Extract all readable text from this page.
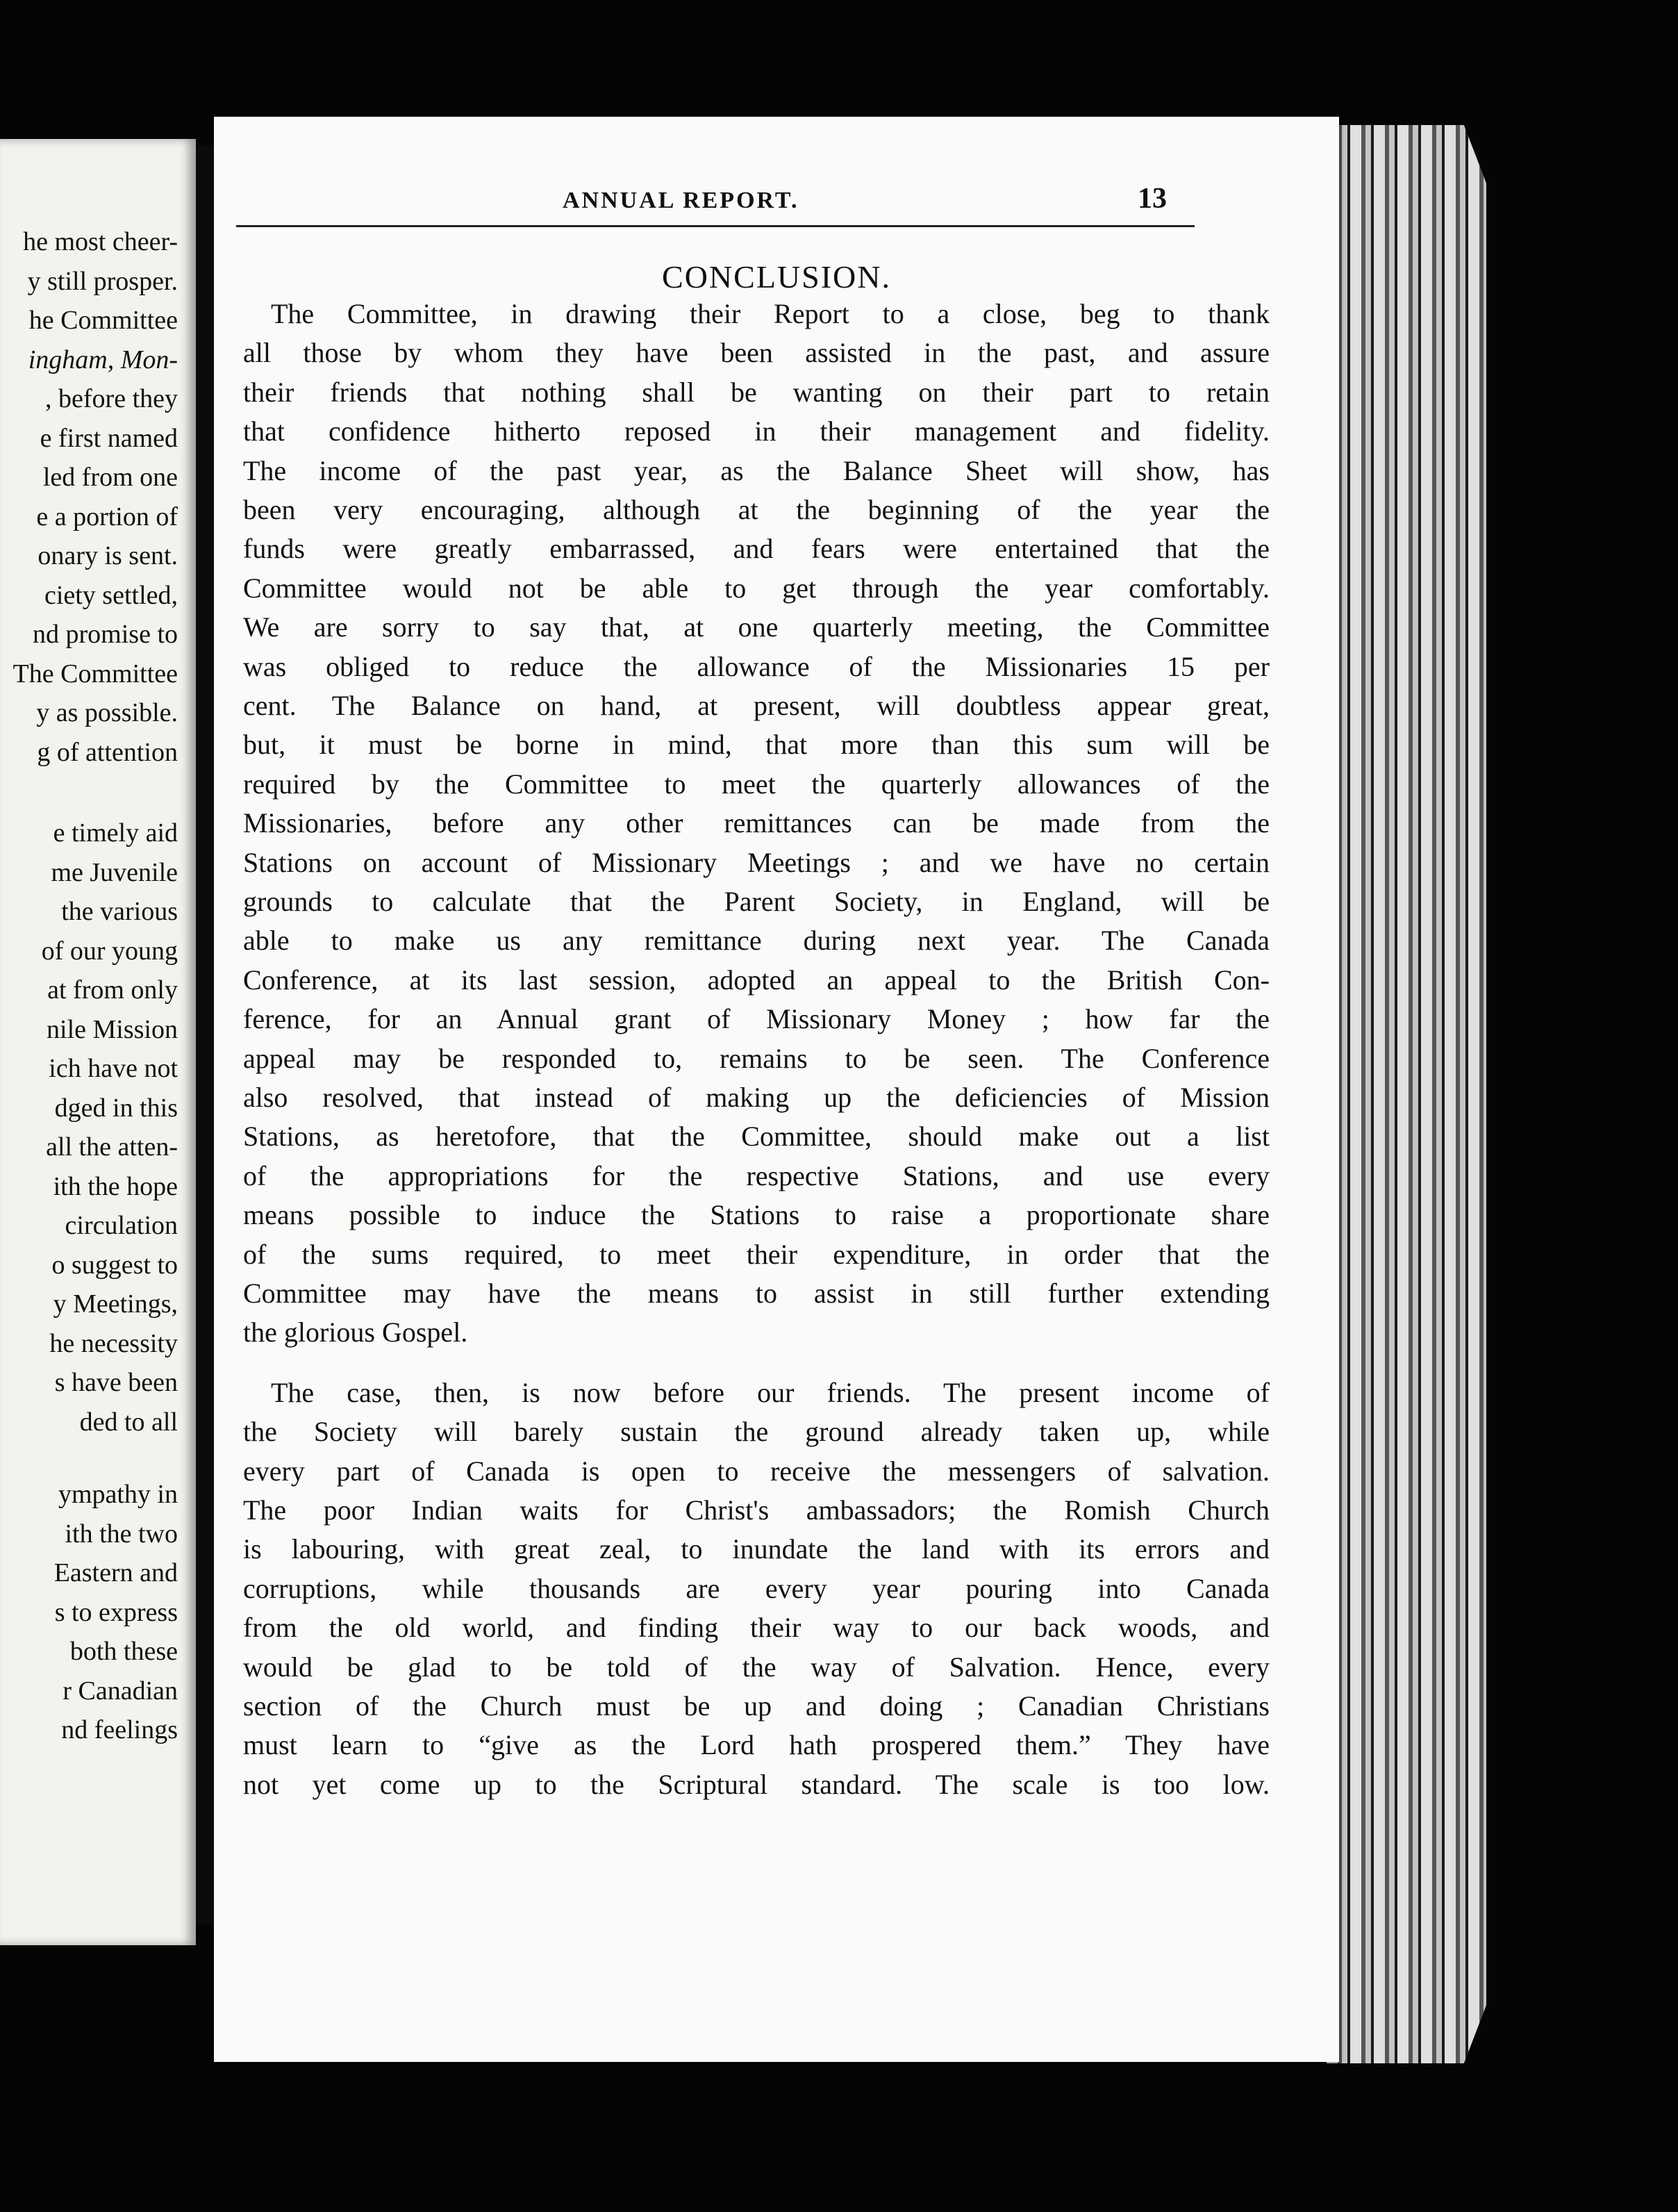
he most cheer-
y still prosper.
he Committee
ingham, Mon-
, before they
e first named
led from one
e a portion of
onary is sent.
ciety settled,
nd promise to
The Committee
y as possible.
g of attention
e timely aid
me Juvenile
the various
of our young
at from only
nile Mission
ich have not
dged in this
all the atten-
ith the hope
circulation
o suggest to
y Meetings,
he necessity
s have been
ded to all
ympathy in
ith the two
Eastern and
s to express
both these
r Canadian
nd feelings
CONCLUSION.
The Committee, in drawing their Report to a close, beg to thank
all those by whom they have been assisted in the past, and assure
their friends that nothing shall be wanting on their part to retain
that confidence hitherto reposed in their management and fidelity.
The income of the past year, as the Balance Sheet will show, has
been very encouraging, although at the beginning of the year the
funds were greatly embarrassed, and fears were entertained that the
Committee would not be able to get through the year comfortably.
We are sorry to say that, at one quarterly meeting, the Committee
was obliged to reduce the allowance of the Missionaries 15 per
cent. The Balance on hand, at present, will doubtless appear great,
but, it must be borne in mind, that more than this sum will be
required by the Committee to meet the quarterly allowances of the
Missionaries, before any other remittances can be made from the
Stations on account of Missionary Meetings ; and we have no certain
grounds to calculate that the Parent Society, in England, will be
able to make us any remittance during next year. The Canada
Conference, at its last session, adopted an appeal to the British Con-
ference, for an Annual grant of Missionary Money ; how far the
appeal may be responded to, remains to be seen. The Conference
also resolved, that instead of making up the deficiencies of Mission
Stations, as heretofore, that the Committee, should make out a list
of the appropriations for the respective Stations, and use every
means possible to induce the Stations to raise a proportionate share
of the sums required, to meet their expenditure, in order that the
Committee may have the means to assist in still further extending
the glorious Gospel.
The case, then, is now before our friends. The present income of
the Society will barely sustain the ground already taken up, while
every part of Canada is open to receive the messengers of salvation.
The poor Indian waits for Christ's ambassadors; the Romish Church
is labouring, with great zeal, to inundate the land with its errors and
corruptions, while thousands are every year pouring into Canada
from the old world, and finding their way to our back woods, and
would be glad to be told of the way of Salvation. Hence, every
section of the Church must be up and doing ; Canadian Christians
must learn to “give as the Lord hath prospered them.” They have
not yet come up to the Scriptural standard. The scale is too low.
ANNUAL REPORT.	13
